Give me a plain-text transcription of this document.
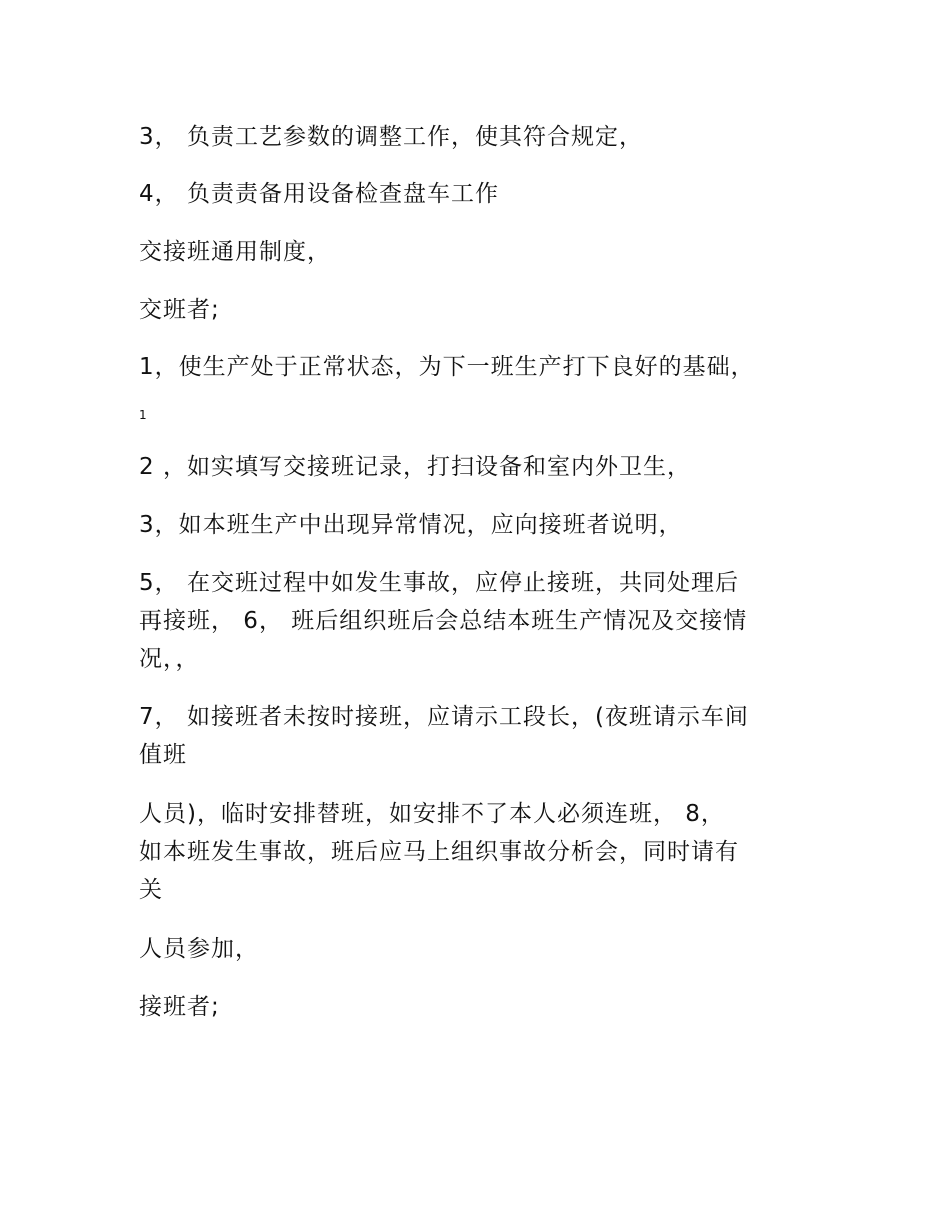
3， 负责工艺参数的调整工作，使其符合规定，

4， 负责责备用设备检查盘车工作

交接班通用制度，

交班者;

1，使生产处于正常状态，为下一班生产打下良好的基础，

1

2 ，如实填写交接班记录，打扫设备和室内外卫生，

3，如本班生产中出现异常情况，应向接班者说明，

5， 在交班过程中如发生事故，应停止接班，共同处理后
再接班， 6， 班后组织班后会总结本班生产情况及交接情
况，，

7， 如接班者未按时接班，应请示工段长，(夜班请示车间
值班

人员)，临时安排替班，如安排不了本人必须连班， 8，
如本班发生事故，班后应马上组织事故分析会，同时请有
关

人员参加，

接班者;
